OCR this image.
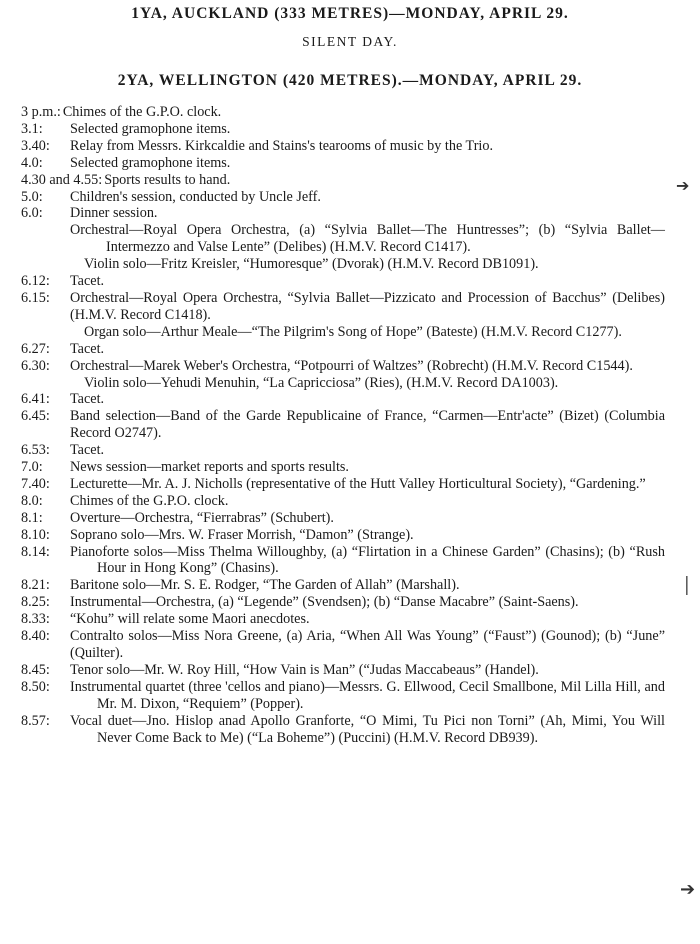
1YA, AUCKLAND (333 METRES)—MONDAY, APRIL 29.
SILENT DAY.
2YA, WELLINGTON (420 METRES).—MONDAY, APRIL 29.
3 p.m.: Chimes of the G.P.O. clock.
3.1:	Selected gramophone items.
3.40:	Relay from Messrs. Kirkcaldie and Stains's tearooms of music by the Trio.
4.0:	Selected gramophone items.
4.30 and 4.55: Sports results to hand.
5.0:	Children's session, conducted by Uncle Jeff.
6.0:	Dinner session.
Orchestral—Royal Opera Orchestra, (a) “Sylvia Ballet—The Huntresses”; (b) “Sylvia Ballet—Intermezzo and Valse Lente” (Delibes) (H.M.V. Record C1417).
Violin solo—Fritz Kreisler, “Humoresque” (Dvorak) (H.M.V. Record DB1091).
6.12:	Tacet.
6.15:	Orchestral—Royal Opera Orchestra, “Sylvia Ballet—Pizzicato and Procession of Bacchus” (Delibes) (H.M.V. Record C1418).
Organ solo—Arthur Meale—“The Pilgrim's Song of Hope” (Bateste) (H.M.V. Record C1277).
6.27:	Tacet.
6.30:	Orchestral—Marek Weber's Orchestra, “Potpourri of Waltzes” (Robrecht) (H.M.V. Record C1544).
Violin solo—Yehudi Menuhin, “La Capricciosa” (Ries), (H.M.V. Record DA1003).
6.41:	Tacet.
6.45:	Band selection—Band of the Garde Republicaine of France, “Carmen—Entr'acte” (Bizet) (Columbia Record O2747).
6.53:	Tacet.
7.0:	News session—market reports and sports results.
7.40:	Lecturette—Mr. A. J. Nicholls (representative of the Hutt Valley Horticultural Society), “Gardening.”
8.0:	Chimes of the G.P.O. clock.
8.1:	Overture—Orchestra, “Fierrabras” (Schubert).
8.10:	Soprano solo—Mrs. W. Fraser Morrish, “Damon” (Strange).
8.14:	Pianoforte solos—Miss Thelma Willoughby, (a) “Flirtation in a Chinese Garden” (Chasins); (b) “Rush Hour in Hong Kong” (Chasins).
8.21:	Baritone solo—Mr. S. E. Rodger, “The Garden of Allah” (Marshall).
8.25:	Instrumental—Orchestra, (a) “Legende” (Svendsen); (b) “Danse Macabre” (Saint-Saens).
8.33:	“Kohu” will relate some Maori anecdotes.
8.40:	Contralto solos—Miss Nora Greene, (a) Aria, “When All Was Young” (“Faust”) (Gounod); (b) “June” (Quilter).
8.45:	Tenor solo—Mr. W. Roy Hill, “How Vain is Man” (“Judas Maccabeaus” (Handel).
8.50:	Instrumental quartet (three 'cellos and piano)—Messrs. G. Ellwood, Cecil Smallbone, Mil Lilla Hill, and Mr. M. Dixon, “Requiem” (Popper).
8.57:	Vocal duet—Jno. Hislop anad Apollo Granforte, “O Mimi, Tu Pici non Torni” (Ah, Mimi, You Will Never Come Back to Me) (“La Boheme”) (Puccini) (H.M.V. Record DB939).
➔
│
➔
